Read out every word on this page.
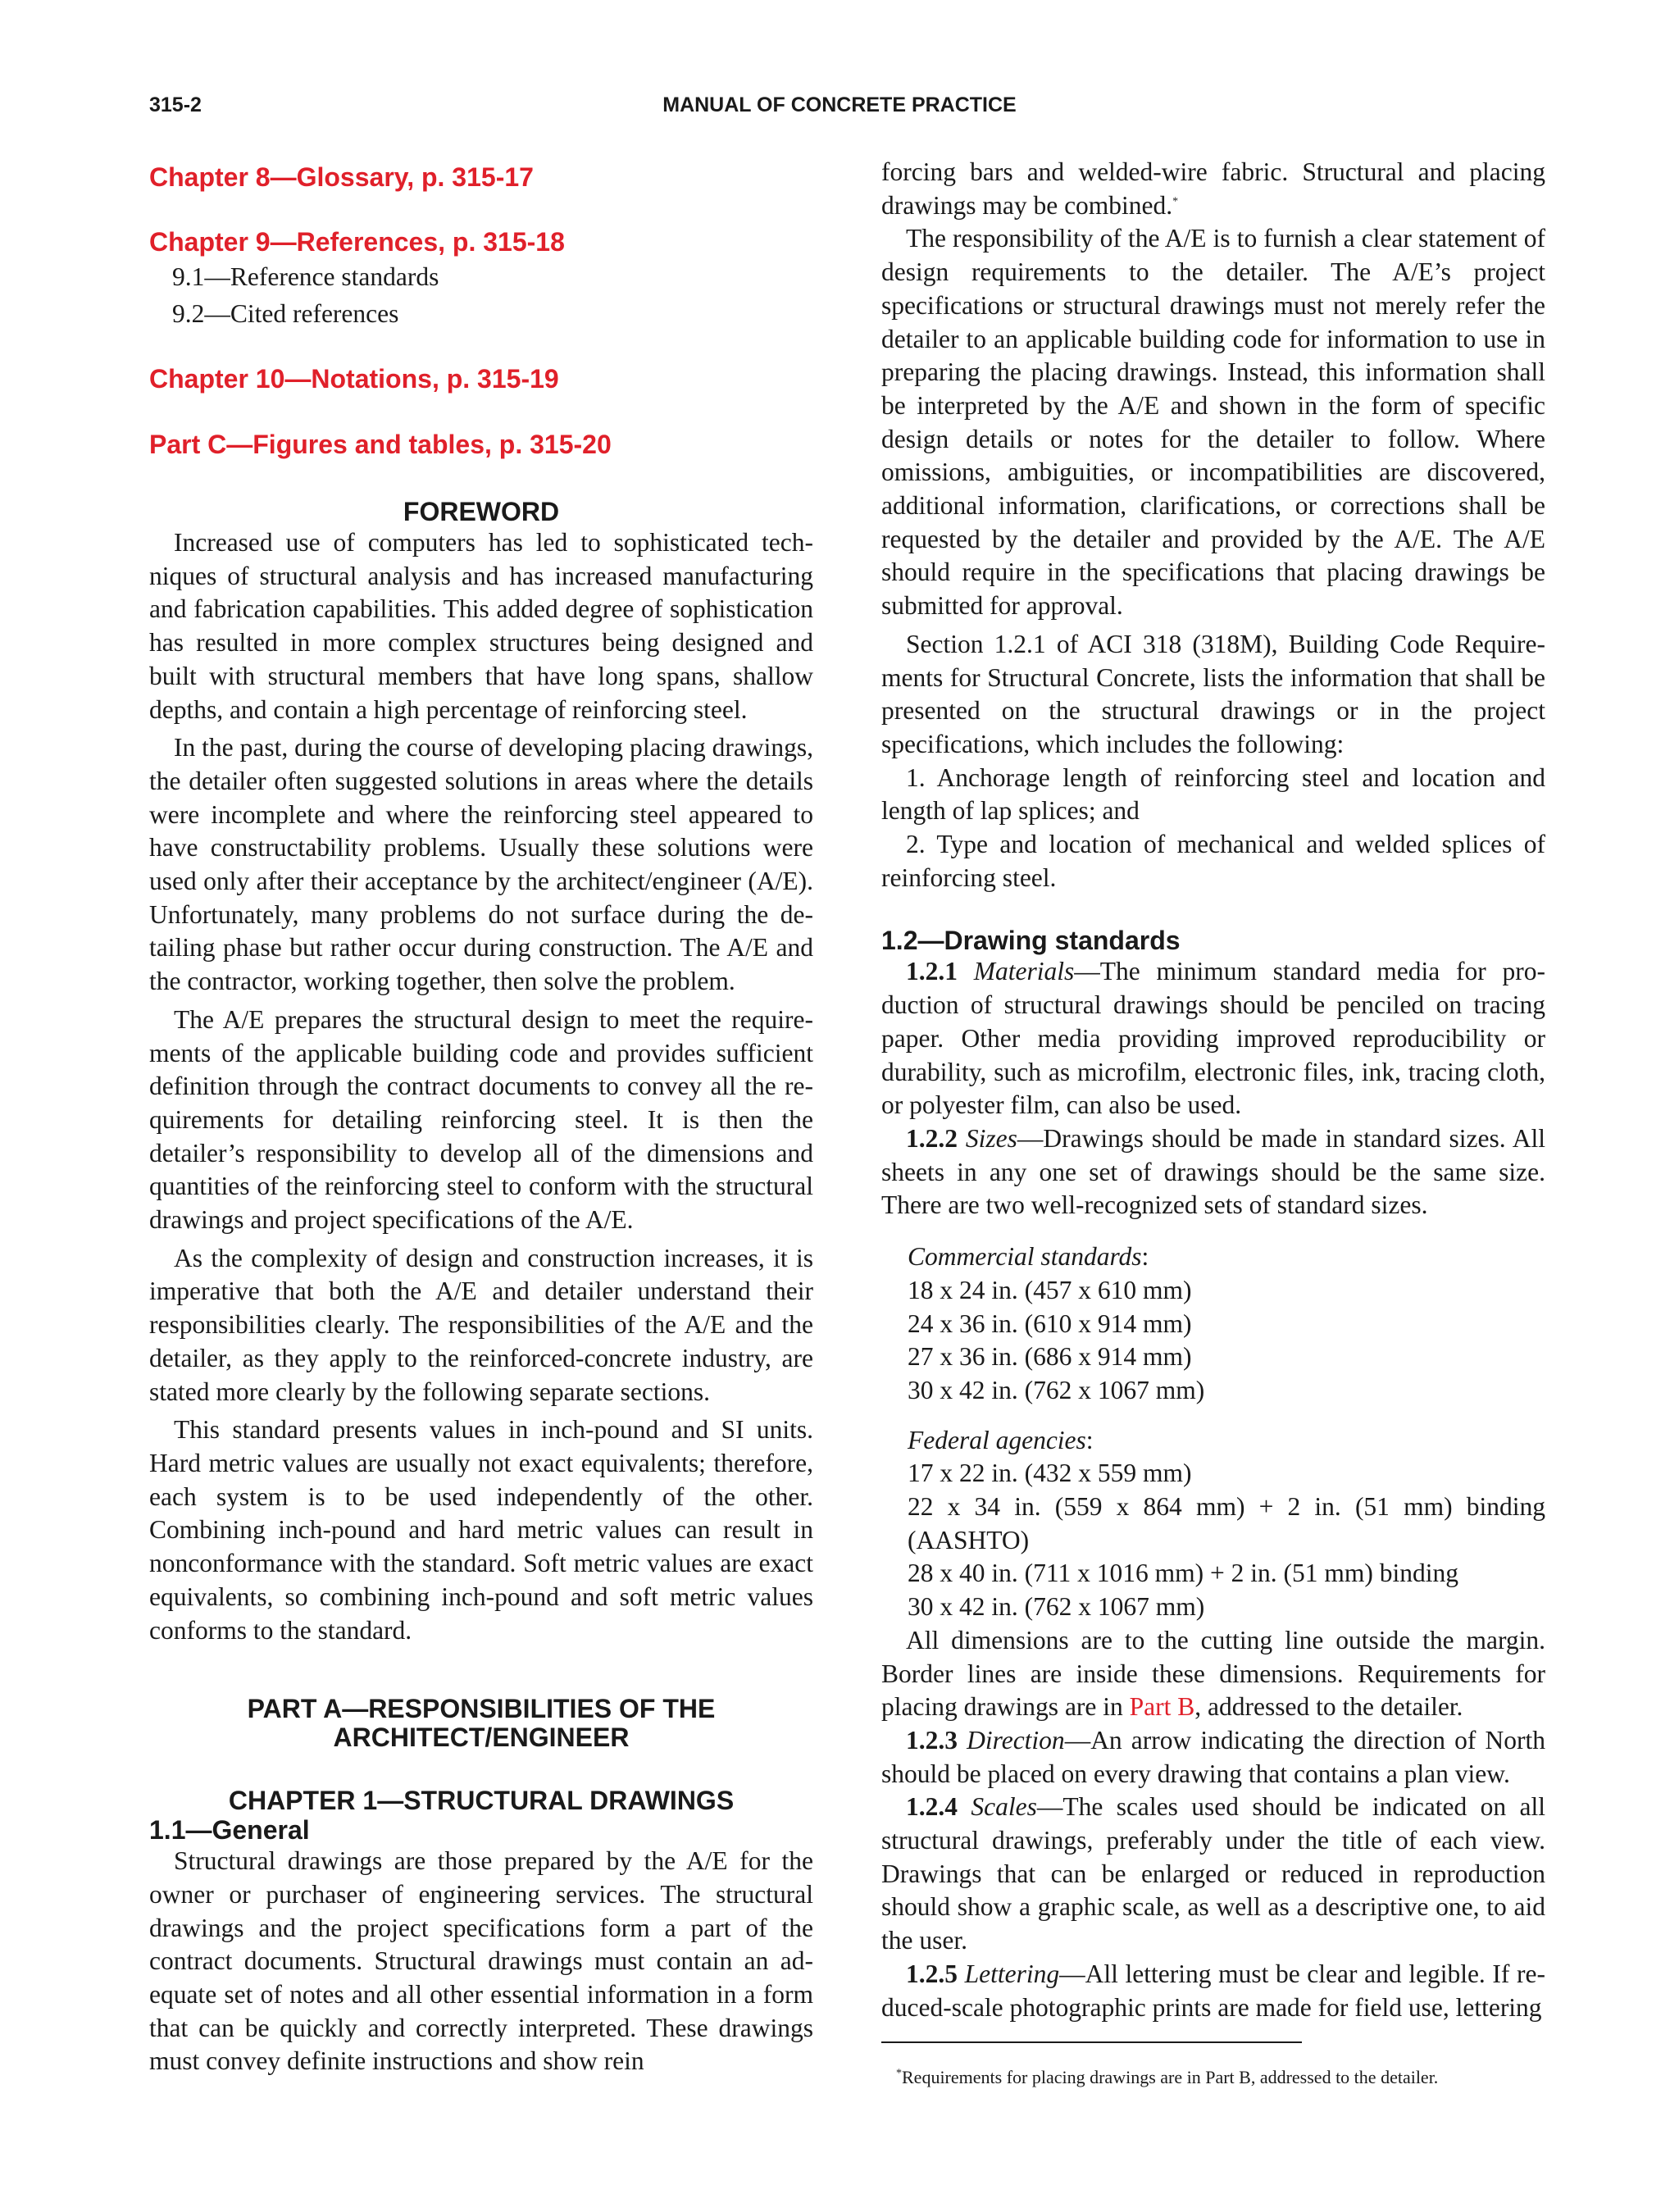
315-2	MANUAL OF CONCRETE PRACTICE

Chapter 8—Glossary, p. 315-17

Chapter 9—References, p. 315-18

9.1—Reference standards

9.2—Cited references

Chapter 10—Notations, p. 315-19

Part C—Figures and tables, p. 315-20

FOREWORD

Increased use of computers has led to sophisticated techniques of structural analysis and has increased manufacturing and fabrication capabilities. This added degree of sophistication has resulted in more complex structures being designed and built with structural members that have long spans, shallow depths, and contain a high percentage of reinforcing steel.

In the past, during the course of developing placing drawings, the detailer often suggested solutions in areas where the details were incomplete and where the reinforcing steel appeared to have constructability problems. Usually these solutions were used only after their acceptance by the architect/engineer (A/E). Unfortunately, many problems do not surface during the detailing phase but rather occur during construction. The A/E and the contractor, working together, then solve the problem.

The A/E prepares the structural design to meet the requirements of the applicable building code and provides sufficient definition through the contract documents to convey all the requirements for detailing reinforcing steel. It is then the detailer’s responsibility to develop all of the dimensions and quantities of the reinforcing steel to conform with the structural drawings and project specifications of the A/E.

As the complexity of design and construction increases, it is imperative that both the A/E and detailer understand their responsibilities clearly. The responsibilities of the A/E and the detailer, as they apply to the reinforced-concrete industry, are stated more clearly by the following separate sections.

This standard presents values in inch-pound and SI units. Hard metric values are usually not exact equivalents; therefore, each system is to be used independently of the other. Combining inch-pound and hard metric values can result in nonconformance with the standard. Soft metric values are exact equivalents, so combining inch-pound and soft metric values conforms to the standard.

PART A—RESPONSIBILITIES OF THE

ARCHITECT/ENGINEER

CHAPTER 1—STRUCTURAL DRAWINGS

1.1—General

Structural drawings are those prepared by the A/E for the owner or purchaser of engineering services. The structural drawings and the project specifications form a part of the contract documents. Structural drawings must contain an adequate set of notes and all other essential information in a form that can be quickly and correctly interpreted. These drawings must convey definite instructions and show rein

forcing bars and welded-wire fabric. Structural and placing drawings may be combined.*

The responsibility of the A/E is to furnish a clear statement of design requirements to the detailer. The A/E’s project specifications or structural drawings must not merely refer the detailer to an applicable building code for information to use in preparing the placing drawings. Instead, this information shall be interpreted by the A/E and shown in the form of specific design details or notes for the detailer to follow. Where omissions, ambiguities, or incompatibilities are discovered, additional information, clarifications, or corrections shall be requested by the detailer and provided by the A/E. The A/E should require in the specifications that placing drawings be submitted for approval.

Section 1.2.1 of ACI 318 (318M), Building Code Requirements for Structural Concrete, lists the information that shall be presented on the structural drawings or in the project specifications, which includes the following:

1. Anchorage length of reinforcing steel and location and length of lap splices; and

2. Type and location of mechanical and welded splices of reinforcing steel.

1.2—Drawing standards

1.2.1 Materials—The minimum standard media for production of structural drawings should be penciled on tracing paper. Other media providing improved reproducibility or durability, such as microfilm, electronic files, ink, tracing cloth, or polyester film, can also be used.

1.2.2 Sizes—Drawings should be made in standard sizes. All sheets in any one set of drawings should be the same size. There are two well-recognized sets of standard sizes.

Commercial standards:

18 x 24 in. (457 x 610 mm)

24 x 36 in. (610 x 914 mm)

27 x 36 in. (686 x 914 mm)

30 x 42 in. (762 x 1067 mm)

Federal agencies:

17 x 22 in. (432 x 559 mm)

22 x 34 in. (559 x 864 mm) + 2 in. (51 mm) binding (AASHTO)

28 x 40 in. (711 x 1016 mm) + 2 in. (51 mm) binding

30 x 42 in. (762 x 1067 mm)

All dimensions are to the cutting line outside the margin. Border lines are inside these dimensions. Requirements for placing drawings are in Part B, addressed to the detailer.

1.2.3 Direction—An arrow indicating the direction of North should be placed on every drawing that contains a plan view.

1.2.4 Scales—The scales used should be indicated on all structural drawings, preferably under the title of each view. Drawings that can be enlarged or reduced in reproduction should show a graphic scale, as well as a descriptive one, to aid the user.

1.2.5 Lettering—All lettering must be clear and legible. If reduced-scale photographic prints are made for field use, lettering

*Requirements for placing drawings are in Part B, addressed to the detailer.
